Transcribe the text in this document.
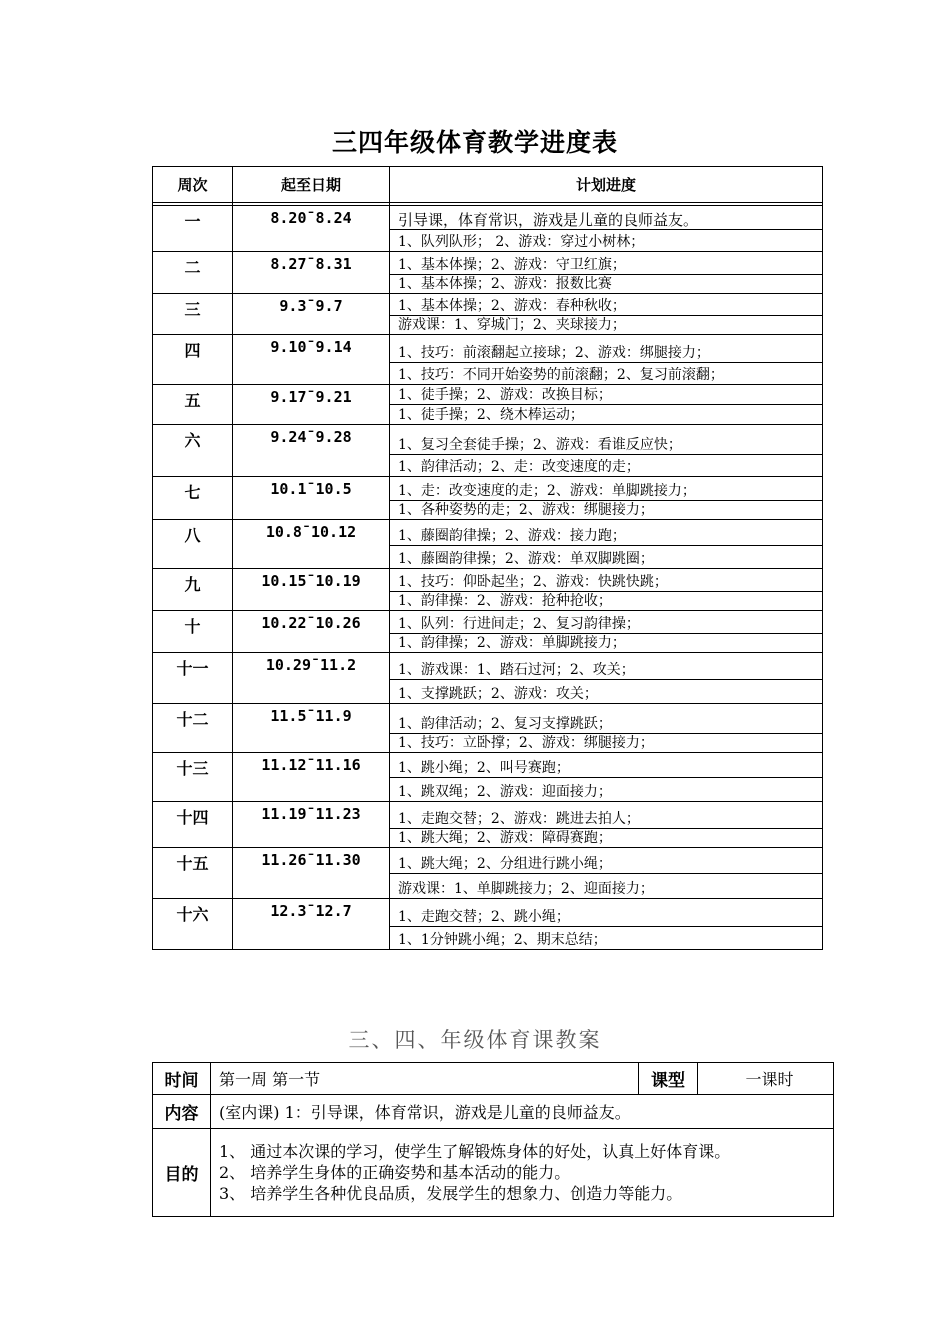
三四年级体育教学进度表
周次	起至日期	计划进度

一	8.20¯8.24	引导课，体育常识，游戏是儿童的良师益友。
		1、队列队形； 2、游戏：穿过小树林；
二	8.27¯8.31	1、基本体操；2、游戏：守卫红旗；
		1、基本体操；2、游戏：报数比赛
三	9.3¯9.7	1、基本体操；2、游戏：春种秋收；
		游戏课：1、穿城门；2、夹球接力；
四	9.10¯9.14	1、技巧：前滚翻起立接球；2、游戏：绑腿接力；
		1、技巧：不同开始姿势的前滚翻；2、复习前滚翻；
五	9.17¯9.21	1、徒手操；2、游戏：改换目标；
		1、徒手操；2、绕木棒运动；
六	9.24¯9.28	1、复习全套徒手操；2、游戏：看谁反应快；
		1、韵律活动；2、走：改变速度的走；
七	10.1¯10.5	1、走：改变速度的走；2、游戏：单脚跳接力；
		1、各种姿势的走；2、游戏：绑腿接力；
八	10.8¯10.12	1、藤圈韵律操；2、游戏：接力跑；
		1、藤圈韵律操；2、游戏：单双脚跳圈；
九	10.15¯10.19	1、技巧：仰卧起坐；2、游戏：快跳快跳；
		1、韵律操：2、游戏：抢种抢收；
十	10.22¯10.26	1、队列：行进间走；2、复习韵律操；
		1、韵律操；2、游戏：单脚跳接力；
十一	10.29¯11.2	1、游戏课：1、踏石过河；2、攻关；
		1、支撑跳跃；2、游戏：攻关；
十二	11.5¯11.9	1、韵律活动；2、复习支撑跳跃；
		1、技巧：立卧撑；2、游戏：绑腿接力；
十三	11.12¯11.16	1、跳小绳；2、叫号赛跑；
		1、跳双绳；2、游戏：迎面接力；
十四	11.19¯11.23	1、走跑交替；2、游戏：跳进去拍人；
		1、跳大绳；2、游戏：障碍赛跑；
十五	11.26¯11.30	1、跳大绳；2、分组进行跳小绳；
		游戏课：1、单脚跳接力；2、迎面接力；
十六	12.3¯12.7	1、走跑交替；2、跳小绳；
		1、1分钟跳小绳；2、期末总结；
三、四、年级体育课教案
时间	第一周 第一节	课型	一课时
内容	(室内课) 1：引导课，体育常识，游戏是儿童的良师益友。		
目的	1、 通过本次课的学习，使学生了解锻炼身体的好处，认真上好体育课。
2、 培养学生身体的正确姿势和基本活动的能力。
3、 培养学生各种优良品质，发展学生的想象力、创造力等能力。		
